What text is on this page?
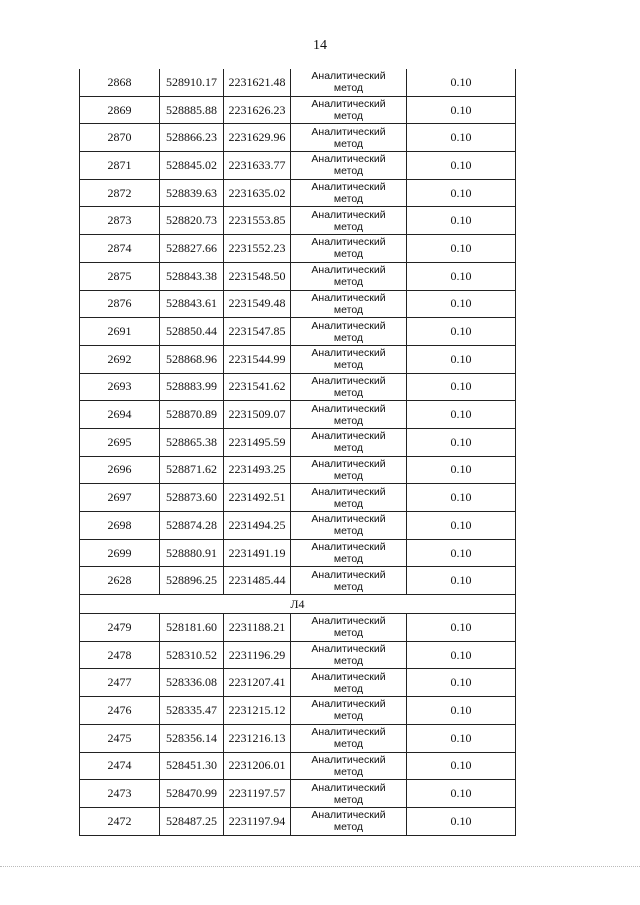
14
2868	528910.17	2231621.48	Аналитический
метод	0.10
2869	528885.88	2231626.23	Аналитический
метод	0.10
2870	528866.23	2231629.96	Аналитический
метод	0.10
2871	528845.02	2231633.77	Аналитический
метод	0.10
2872	528839.63	2231635.02	Аналитический
метод	0.10
2873	528820.73	2231553.85	Аналитический
метод	0.10
2874	528827.66	2231552.23	Аналитический
метод	0.10
2875	528843.38	2231548.50	Аналитический
метод	0.10
2876	528843.61	2231549.48	Аналитический
метод	0.10
2691	528850.44	2231547.85	Аналитический
метод	0.10
2692	528868.96	2231544.99	Аналитический
метод	0.10
2693	528883.99	2231541.62	Аналитический
метод	0.10
2694	528870.89	2231509.07	Аналитический
метод	0.10
2695	528865.38	2231495.59	Аналитический
метод	0.10
2696	528871.62	2231493.25	Аналитический
метод	0.10
2697	528873.60	2231492.51	Аналитический
метод	0.10
2698	528874.28	2231494.25	Аналитический
метод	0.10
2699	528880.91	2231491.19	Аналитический
метод	0.10
2628	528896.25	2231485.44	Аналитический
метод	0.10
Л4				
2479	528181.60	2231188.21	Аналитический
метод	0.10
2478	528310.52	2231196.29	Аналитический
метод	0.10
2477	528336.08	2231207.41	Аналитический
метод	0.10
2476	528335.47	2231215.12	Аналитический
метод	0.10
2475	528356.14	2231216.13	Аналитический
метод	0.10
2474	528451.30	2231206.01	Аналитический
метод	0.10
2473	528470.99	2231197.57	Аналитический
метод	0.10
2472	528487.25	2231197.94	Аналитический
метод	0.10
